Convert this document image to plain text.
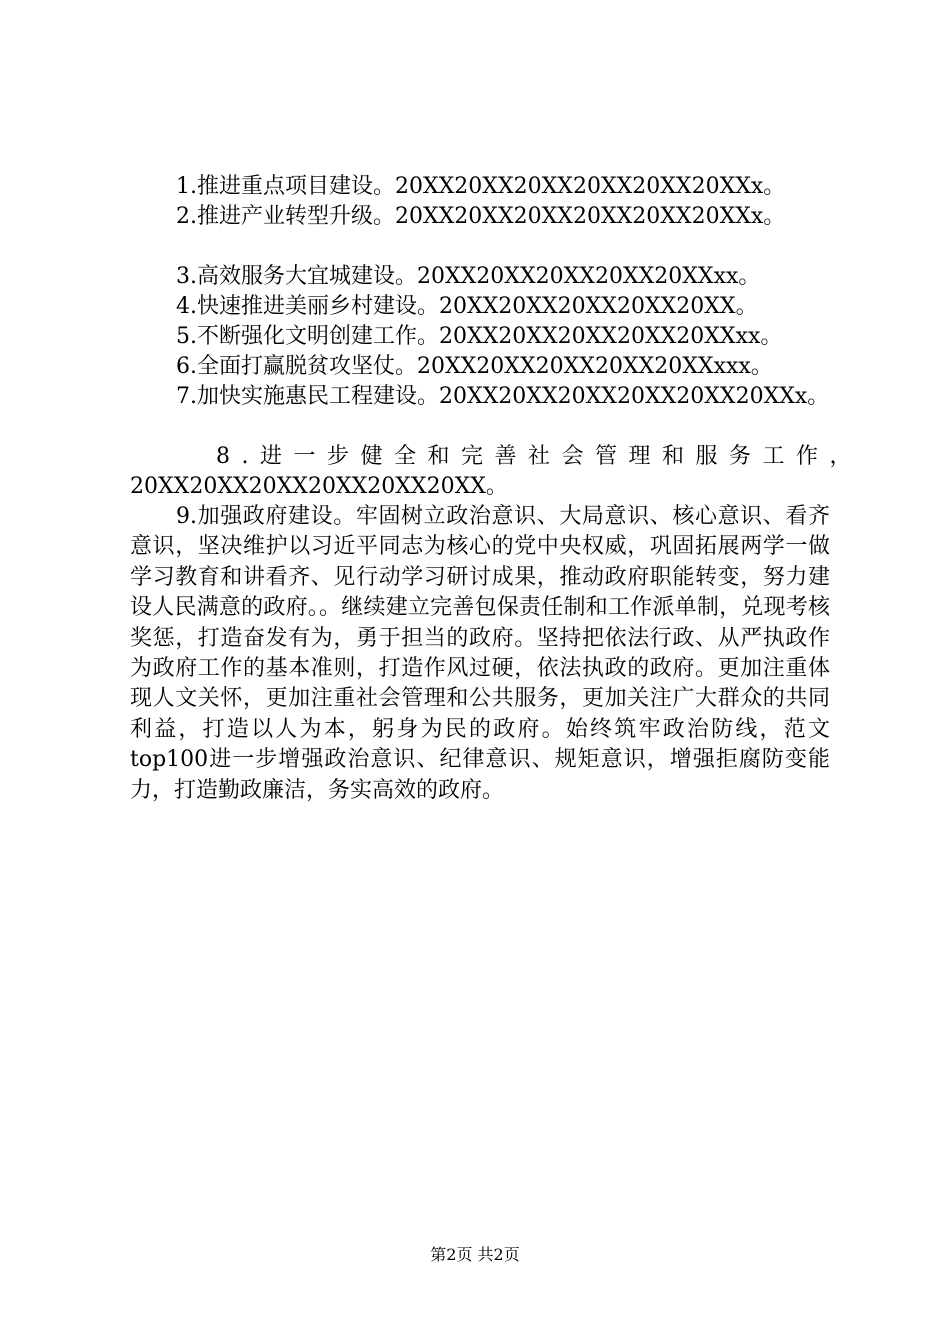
1.推进重点项目建设。20XX20XX20XX20XX20XX20XXx。

2.推进产业转型升级。20XX20XX20XX20XX20XX20XXx。

3.高效服务大宜城建设。20XX20XX20XX20XX20XXxx。

4.快速推进美丽乡村建设。20XX20XX20XX20XX20XX。

5.不断强化文明创建工作。20XX20XX20XX20XX20XXxx。

6.全面打赢脱贫攻坚仗。20XX20XX20XX20XX20XXxxx。

7.加快实施惠民工程建设。20XX20XX20XX20XX20XX20XXx。

8.进一步健全和完善社会管理和服务工作，

20XX20XX20XX20XX20XX20XX。

9.加强政府建设。牢固树立政治意识、大局意识、核心意识、看齐意识，坚决维护以习近平同志为核心的党中央权威，巩固拓展两学一做学习教育和讲看齐、见行动学习研讨成果，推动政府职能转变，努力建设人民满意的政府。。继续建立完善包保责任制和工作派单制，兑现考核奖惩，打造奋发有为，勇于担当的政府。坚持把依法行政、从严执政作为政府工作的基本准则，打造作风过硬，依法执政的政府。更加注重体现人文关怀，更加注重社会管理和公共服务，更加关注广大群众的共同利益，打造以人为本，躬身为民的政府。始终筑牢政治防线，范文top100进一步增强政治意识、纪律意识、规矩意识，增强拒腐防变能力，打造勤政廉洁，务实高效的政府。

第2页 共2页
